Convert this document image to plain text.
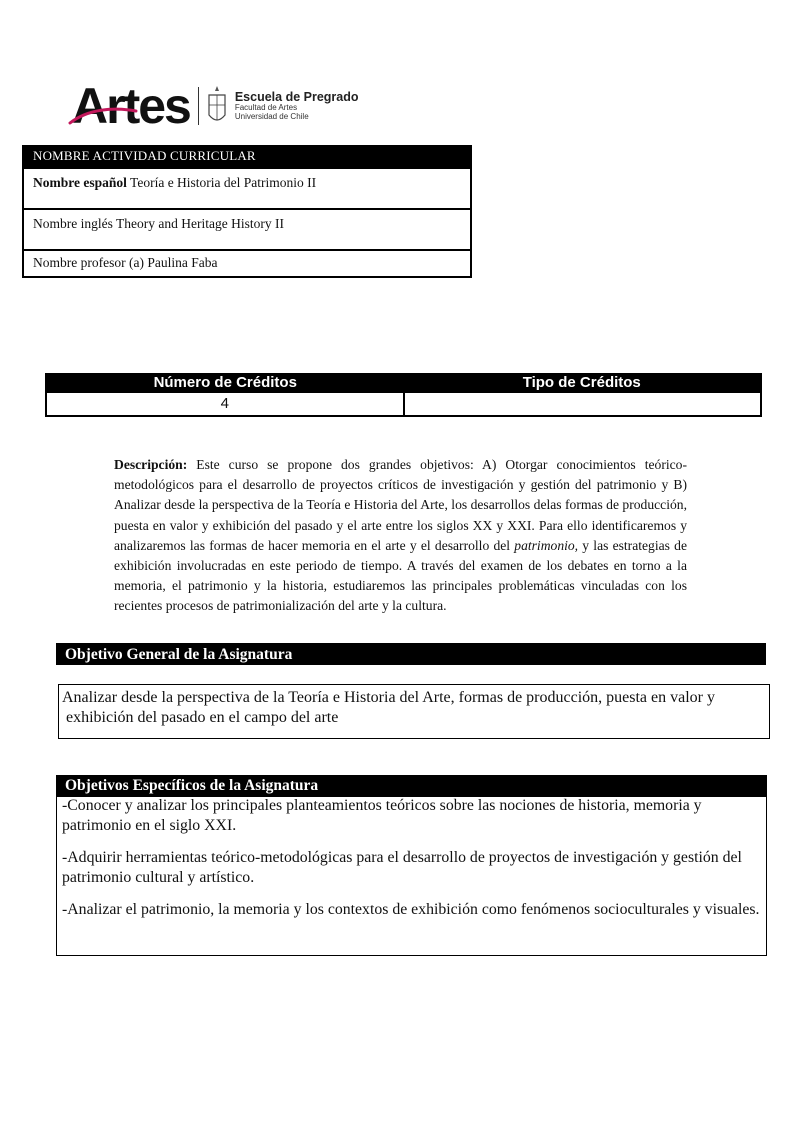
Artes	Escuela de Pregrado
Facultad de Artes
Universidad de Chile
NOMBRE ACTIVIDAD CURRICULAR
Nombre español Teoría e Historia del Patrimonio II
Nombre inglés Theory and Heritage History II
Nombre profesor (a) Paulina Faba
Número de Créditos	Tipo de Créditos
4
Descripción: Este curso se propone dos grandes objetivos: A) Otorgar conocimientos teórico-metodológicos para el desarrollo de proyectos críticos de investigación y gestión del patrimonio y B) Analizar desde la perspectiva de la Teoría e Historia del Arte, los desarrollos delas formas de producción, puesta en valor y exhibición del pasado y el arte entre los siglos XX y XXI. Para ello identificaremos y analizaremos las formas de hacer memoria en el arte y el desarrollo del patrimonio, y las estrategias de exhibición involucradas en este periodo de tiempo. A través del examen de los debates en torno a la memoria, el patrimonio y la historia, estudiaremos las principales problemáticas vinculadas con los recientes procesos de patrimonialización del arte y la cultura.
Objetivo General de la Asignatura
Analizar desde la perspectiva de la Teoría e Historia del Arte, formas de producción, puesta en valor y
exhibición del pasado en el campo del arte
Objetivos Específicos de la Asignatura

-Conocer y analizar los principales planteamientos teóricos sobre las nociones de historia, memoria y patrimonio en el siglo XXI.

-Adquirir herramientas teórico-metodológicas para el desarrollo de proyectos de investigación y gestión del patrimonio cultural y artístico.

-Analizar el patrimonio, la memoria y los contextos de exhibición como fenómenos socioculturales y visuales.
